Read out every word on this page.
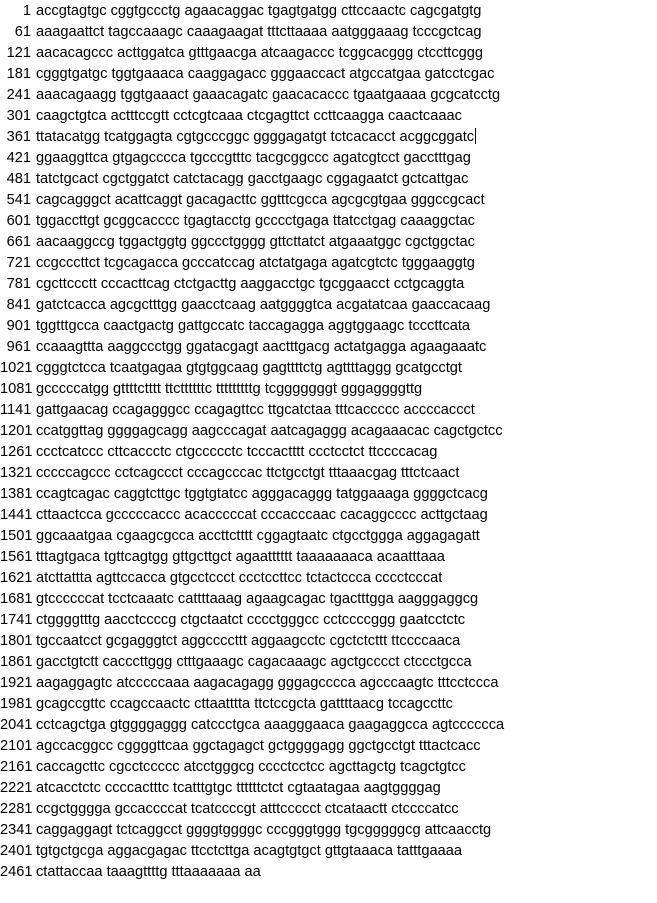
1 accgtagtgc cggtgccctg agaacaggac tgagtgatgg cttccaactc cagcgatgtg
61 aaagaattct tagccaaagc caaagaagat tttcttaaaa aatgggaaag tcccgctcag
121 aacacagccc acttggatca gtttgaacga atcaagaccc tcggcacggg ctccttcggg
181 cgggtgatgc tggtgaaaca caaggagacc gggaaccact atgccatgaa gatcctcgac
241 aaacagaagg tggtgaaact gaaacagatc gaacacaccc tgaatgaaaa gcgcatcctg
301 caagctgtca actttccgtt cctcgtcaaa ctcgagttct ccttcaagga caactcaaac
361 ttatacatgg tcatggagta cgtgcccggc ggggagatgt tctcacacct acggcggatc
421 ggaaggttca gtgagcccca tgcccgtttc tacgcggccc agatcgtcct gacctttgag
481 tatctgcact cgctggatct catctacagg gacctgaagc cggagaatct gctcattgac
541 cagcagggct acattcaggt gacagacttc ggtttcgcca agcgcgtgaa gggccgcact
601 tggaccttgt gcggcacccc tgagtacctg gcccctgaga ttatcctgag caaaggctac
661 aacaaggccg tggactggtg ggccctgggg gttcttatct atgaaatggc cgctggctac
721 ccgcccttct tcgcagacca gcccatccag atctatgaga agatcgtctc tgggaaggtg
781 cgcttccctt cccacttcag ctctgacttg aaggacctgc tgcggaacct cctgcaggta
841 gatctcacca agcgctttgg gaacctcaag aatggggtca acgatatcaa gaaccacaag
901 tggtttgcca caactgactg gattgccatc taccagagga aggtggaagc tcccttcata
961 ccaaagttta aaggccctgg ggatacgagt aactttgacg actatgagga agaagaaatc
1021 cgggtctcca tcaatgagaa gtgtggcaag gagttttctg agttttaggg gcatgcctgt
1081 gcccccatgg gttttctttt ttcttttttc tttttttttg tcgggggggt gggaggggttg
1141 gattgaacag ccagagggcc ccagagttcc ttgcatctaa tttcaccccc accccaccct
1201 ccatggttag ggggagcagg aagcccagat aatcagaggg acagaaacac cagctgctcc
1261 ccctcatccc cttcaccctc ctgccccctc tcccactttt ccctcctct ttccccacag
1321 cccccagccc cctcagccct cccagcccac ttctgcctgt tttaaacgag tttctcaact
1381 ccagtcagac caggtcttgc tggtgtatcc agggacaggg tatggaaaga ggggctcacg
1441 cttaactcca gcccccaccc acacccccat cccacccaac cacaggcccc acttgctaag
1501 ggcaaatgaa cgaagcgcca accttctttt cggagtaatc ctgcctggga aggagagatt
1561 tttagtgaca tgttcagtgg gttgcttgct agaatttttt taaaaaaaca acaatttaaa
1621 atcttattta agttccacca gtgcctccct ccctccttcc tctactccca cccctcccat
1681 gtccccccat tcctcaaatc cattttaaag agaagcagac tgactttgga aagggaggcg
1741 ctggggtttg aacctccccg ctgctaatct cccctgggcc cctccccggg gaatcctctc
1801 tgccaatcct gcgagggtct aggccccttt aggaagcctc cgctctcttt ttccccaaca
1861 gacctgtctt cacccttggg ctttgaaagc cagacaaagc agctgcccct ctccctgcca
1921 aagaggagtc atcccccaaa aagacagagg gggagcccca agcccaagtc tttcctccca
1981 gcagccgttc ccagccaactc cttaatttta ttctccgcta gattttaacg tccagccttc
2041 cctcagctga gtggggaggg catccctgca aaagggaaca gaagaggcca agtcccccca
2101 agccacggcc cggggttcaa ggctagagct gctggggagg ggctgcctgt tttactcacc
2161 caccagcttc cgcctccccc atcctgggcg cccctcctcc agcttagctg tcagctgtcc
2221 atcacctctc ccccactttc tcatttgtgc ttttttctct cgtaatagaa aagtggggag
2281 ccgctgggga gccaccccat tcatccccgt atttccccct ctcataactt ctccccatcc
2341 caggaggagt tctcaggcct ggggtggggc cccgggtggg tgcgggggcg attcaacctg
2401 tgtgctgcga aggacgagac ttcctcttga acagtgtgct gttgtaaaca tatttgaaaa
2461 ctattaccaa taaagttttg tttaaaaaaa aa
